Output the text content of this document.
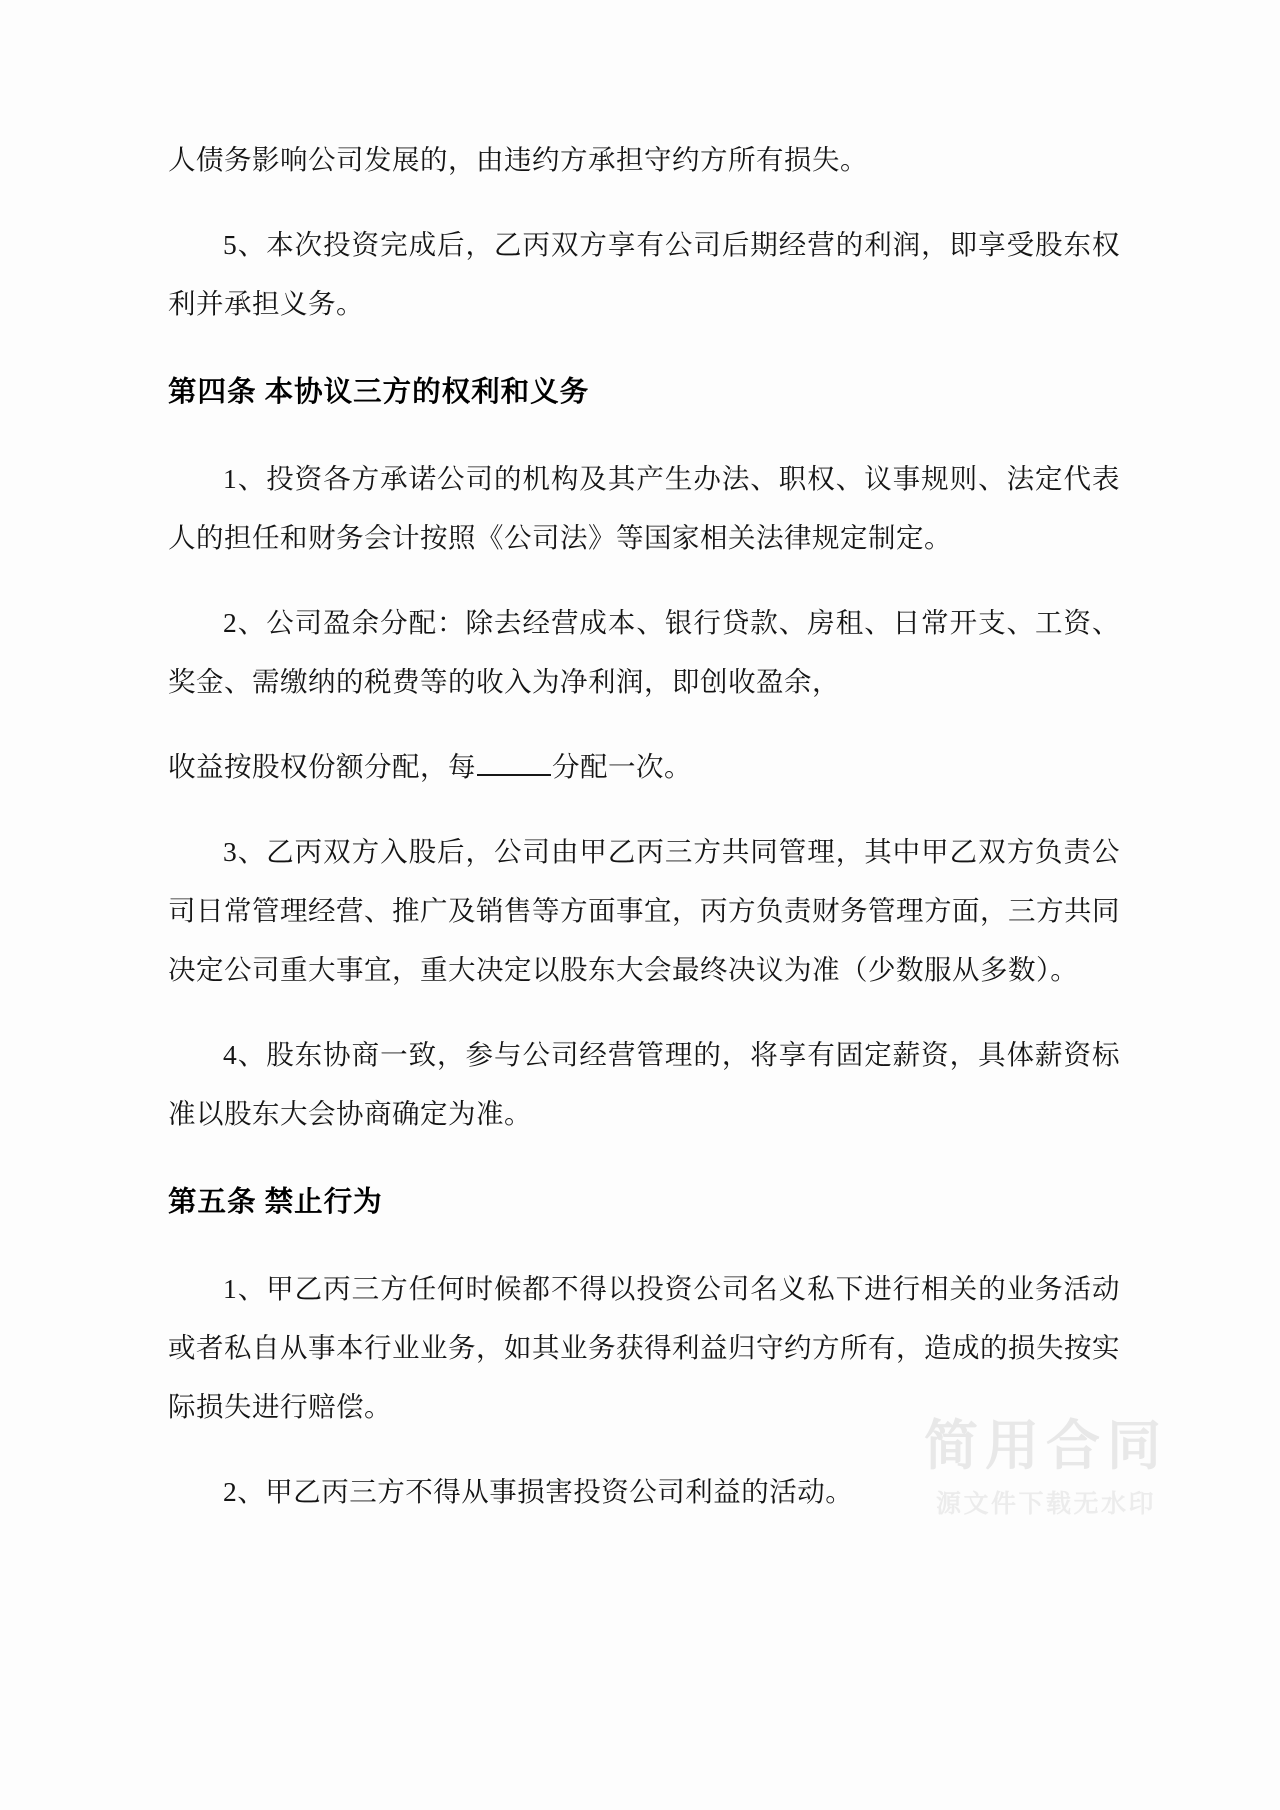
人债务影响公司发展的，由违约方承担守约方所有损失。

5、本次投资完成后，乙丙双方享有公司后期经营的利润，即享受股东权利并承担义务。

第四条 本协议三方的权利和义务

1、投资各方承诺公司的机构及其产生办法、职权、议事规则、法定代表人的担任和财务会计按照《公司法》等国家相关法律规定制定。

2、公司盈余分配：除去经营成本、银行贷款、房租、日常开支、工资、奖金、需缴纳的税费等的收入为净利润，即创收盈余，

收益按股权份额分配，每	分配一次。

3、乙丙双方入股后，公司由甲乙丙三方共同管理，其中甲乙双方负责公司日常管理经营、推广及销售等方面事宜，丙方负责财务管理方面，三方共同决定公司重大事宜，重大决定以股东大会最终决议为准（少数服从多数）。

4、股东协商一致，参与公司经营管理的，将享有固定薪资，具体薪资标准以股东大会协商确定为准。

第五条 禁止行为

1、甲乙丙三方任何时候都不得以投资公司名义私下进行相关的业务活动或者私自从事本行业业务，如其业务获得利益归守约方所有，造成的损失按实际损失进行赔偿。

2、甲乙丙三方不得从事损害投资公司利益的活动。

简用合同
源文件下载无水印
